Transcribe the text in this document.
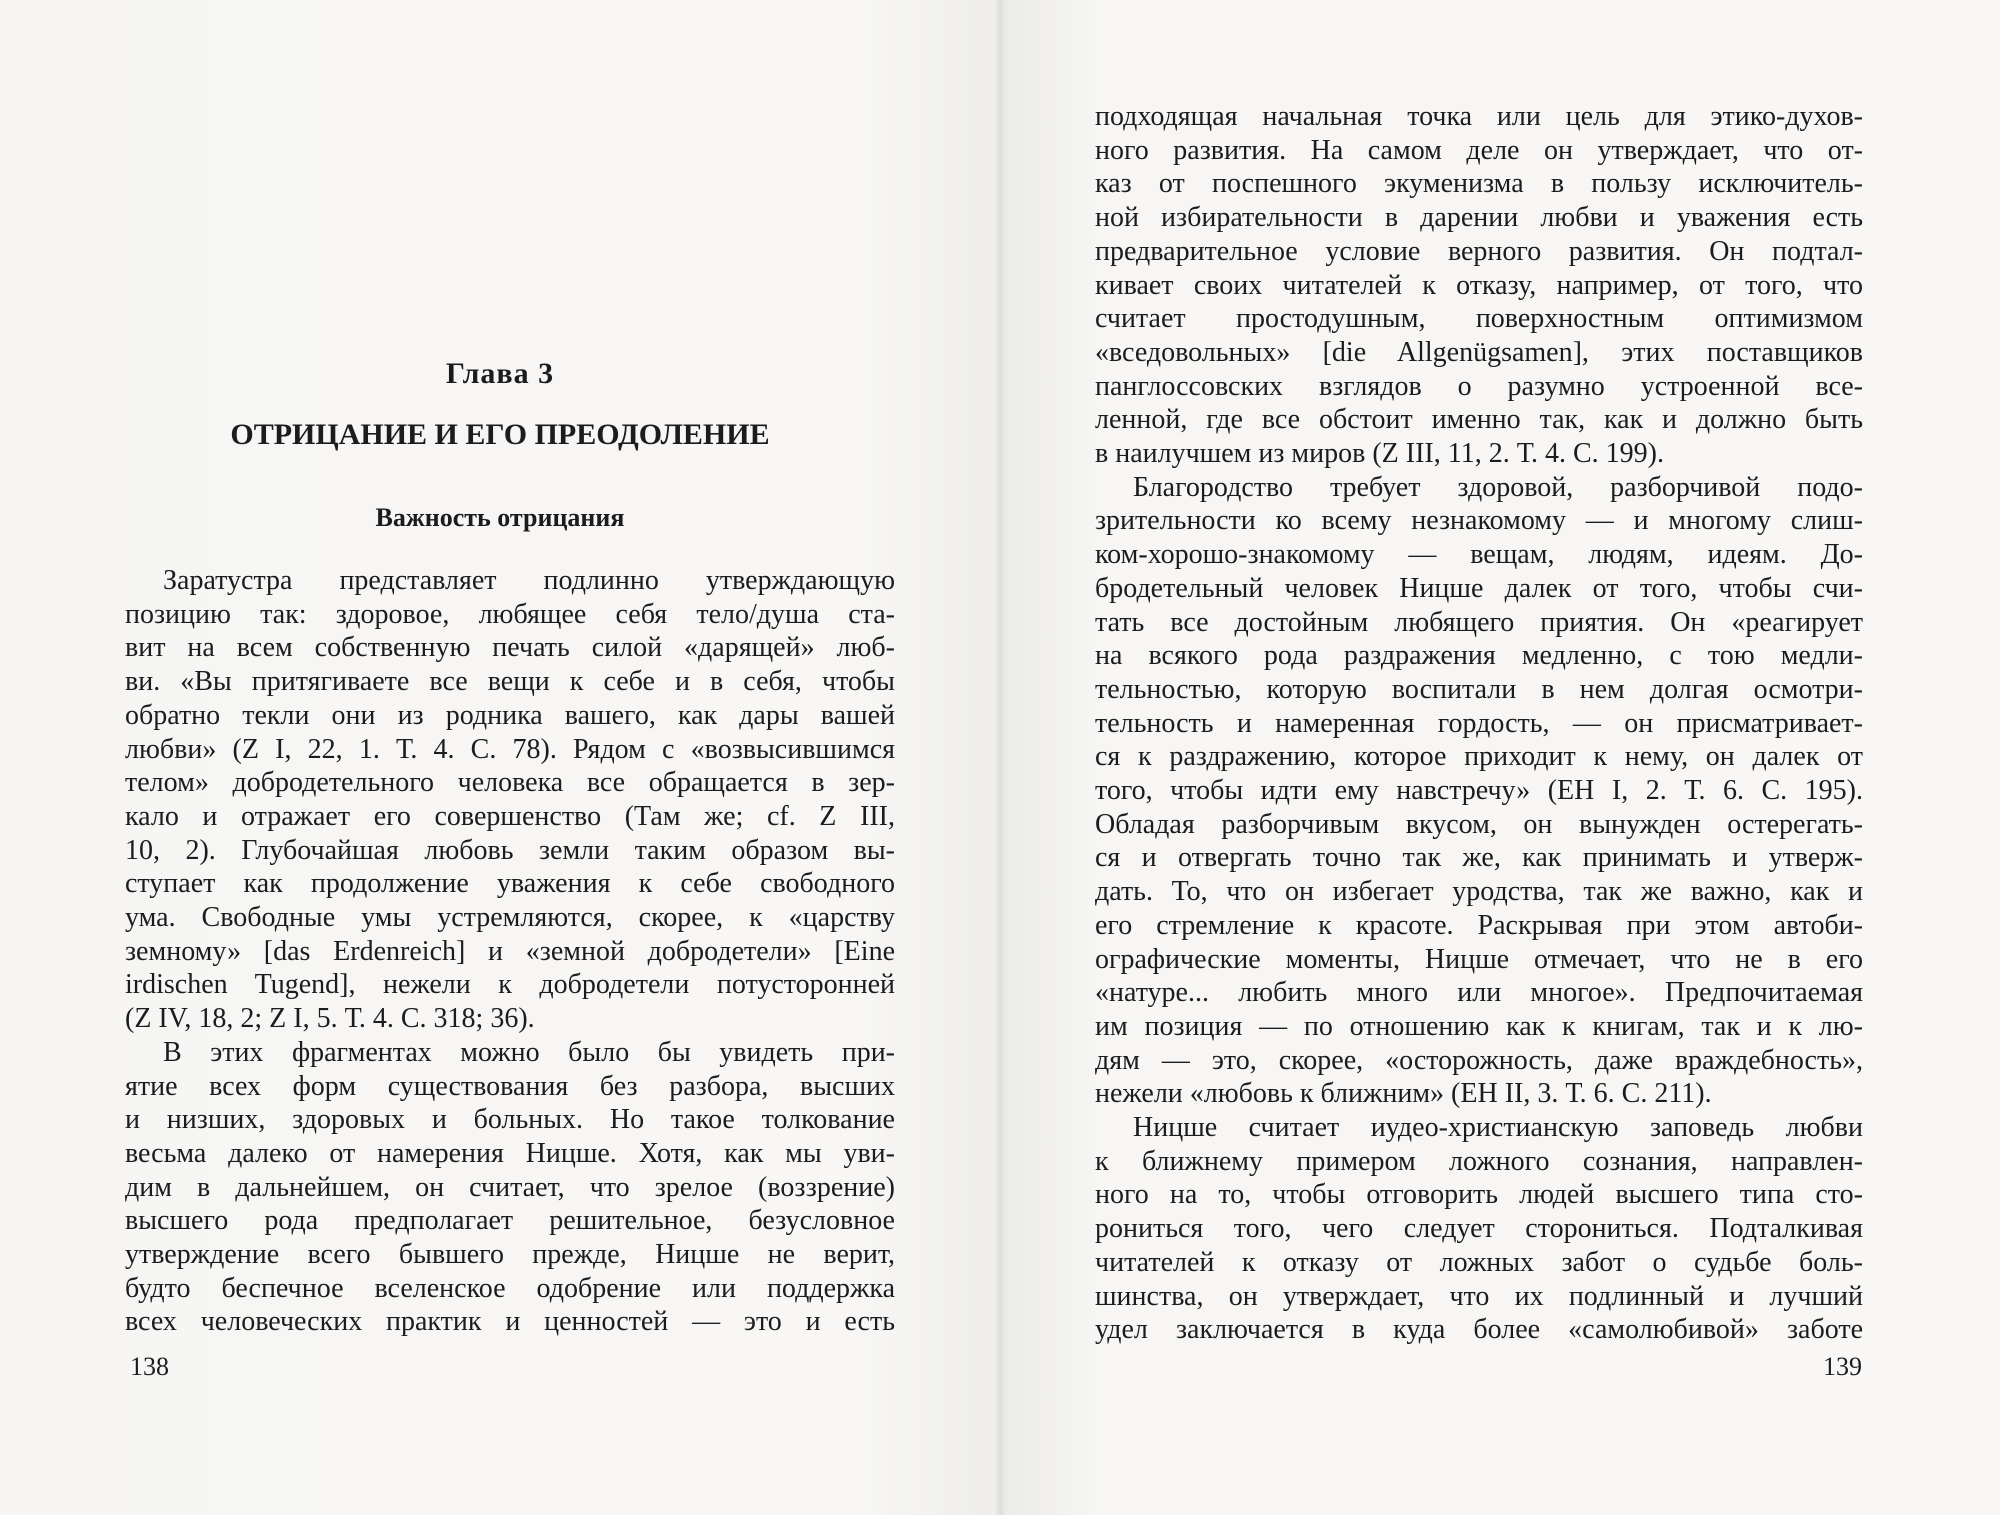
Глава 3
ОТРИЦАНИЕ И ЕГО ПРЕОДОЛЕНИЕ
Важность отрицания
Заратустра представляет подлинно утверждающую
позицию так: здоровое, любящее себя тело/душа ста-
вит на всем собственную печать силой «дарящей» люб-
ви. «Вы притягиваете все вещи к себе и в себя, чтобы
обратно текли они из родника вашего, как дары вашей
любви» (Z I, 22, 1. Т. 4. С. 78). Рядом с «возвысившимся
телом» добродетельного человека все обращается в зер-
кало и отражает его совершенство (Там же; cf. Z III,
10, 2). Глубочайшая любовь земли таким образом вы-
ступает как продолжение уважения к себе свободного
ума. Свободные умы устремляются, скорее, к «царству
земному» [das Erdenreich] и «земной добродетели» [Eine
irdischen Tugend], нежели к добродетели потусторонней
(Z IV, 18, 2; Z I, 5. Т. 4. С. 318; 36).
В этих фрагментах можно было бы увидеть при-
ятие всех форм существования без разбора, высших
и низших, здоровых и больных. Но такое толкование
весьма далеко от намерения Ницше. Хотя, как мы уви-
дим в дальнейшем, он считает, что зрелое (воззрение)
высшего рода предполагает решительное, безусловное
утверждение всего бывшего прежде, Ницше не верит,
будто беспечное вселенское одобрение или поддержка
всех человеческих практик и ценностей — это и есть
138
подходящая начальная точка или цель для этико-духов-
ного развития. На самом деле он утверждает, что от-
каз от поспешного экуменизма в пользу исключитель-
ной избирательности в дарении любви и уважения есть
предварительное условие верного развития. Он подтал-
кивает своих читателей к отказу, например, от того, что
считает простодушным, поверхностным оптимизмом
«вседовольных» [die Allgenügsamen], этих поставщиков
панглоссовских взглядов о разумно устроенной все-
ленной, где все обстоит именно так, как и должно быть
в наилучшем из миров (Z III, 11, 2. Т. 4. С. 199).
Благородство требует здоровой, разборчивой подо-
зрительности ко всему незнакомому — и многому слиш-
ком-хорошо-знакомому — вещам, людям, идеям. До-
бродетельный человек Ницше далек от того, чтобы счи-
тать все достойным любящего приятия. Он «реагирует
на всякого рода раздражения медленно, с тою медли-
тельностью, которую воспитали в нем долгая осмотри-
тельность и намеренная гордость, — он присматривает-
ся к раздражению, которое приходит к нему, он далек от
того, чтобы идти ему навстречу» (EH I, 2. Т. 6. С. 195).
Обладая разборчивым вкусом, он вынужден остерегать-
ся и отвергать точно так же, как принимать и утверж-
дать. То, что он избегает уродства, так же важно, как и
его стремление к красоте. Раскрывая при этом автоби-
ографические моменты, Ницше отмечает, что не в его
«натуре... любить много или многое». Предпочитаемая
им позиция — по отношению как к книгам, так и к лю-
дям — это, скорее, «осторожность, даже враждебность»,
нежели «любовь к ближним» (EH II, 3. Т. 6. С. 211).
Ницше считает иудео-христианскую заповедь любви
к ближнему примером ложного сознания, направлен-
ного на то, чтобы отговорить людей высшего типа сто-
рониться того, чего следует сторониться. Подталкивая
читателей к отказу от ложных забот о судьбе боль-
шинства, он утверждает, что их подлинный и лучший
удел заключается в куда более «самолюбивой» заботе
139
